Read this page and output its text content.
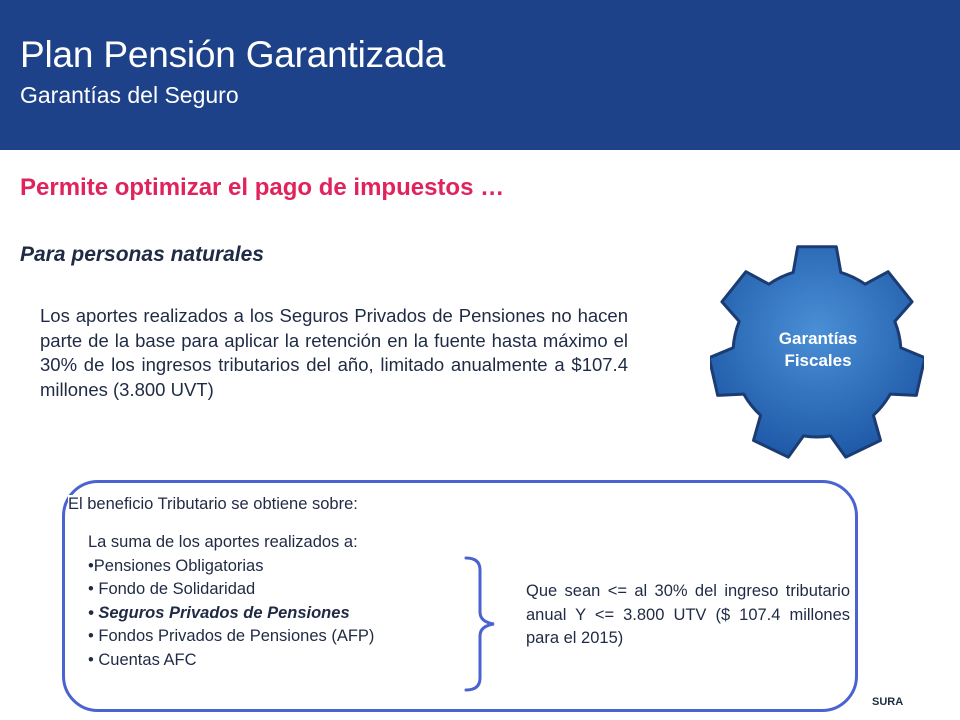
Plan Pensión Garantizada
Garantías del Seguro
Permite optimizar el pago de impuestos …
Para personas naturales
Los aportes realizados a los Seguros Privados de Pensiones no hacen parte de la base para aplicar la retención en la fuente hasta máximo el 30% de los ingresos tributarios del año, limitado anualmente a $107.4 millones (3.800 UVT)
Garantías
Fiscales
El beneficio Tributario se obtiene sobre:
La suma de los aportes realizados a:
•Pensiones Obligatorias
• Fondo de Solidaridad
• Seguros Privados de Pensiones
• Fondos Privados de Pensiones (AFP)
• Cuentas AFC
Que sean <= al 30% del ingreso tributario anual Y <= 3.800 UTV ($ 107.4 millones para el 2015)
SURA
